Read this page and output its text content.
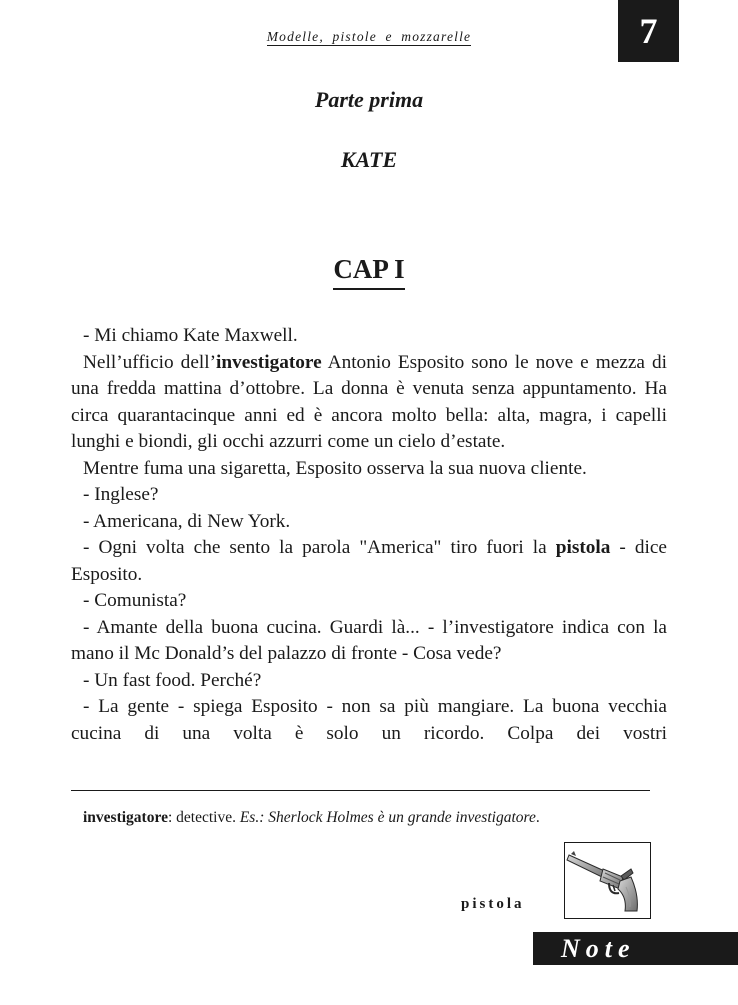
Modelle, pistole e mozzarelle	7
Parte prima
KATE
CAP I

- Mi chiamo Kate Maxwell.

Nell’ufficio dell’investigatore Antonio Esposito sono le nove e mezza di una fredda mattina d’ottobre. La donna è venuta senza appuntamento. Ha circa quarantacinque anni ed è ancora molto bella: alta, magra, i capelli lunghi e biondi, gli occhi azzurri come un cielo d’estate.

Mentre fuma una sigaretta, Esposito osserva la sua nuova cliente.

- Inglese?

- Americana, di New York.

- Ogni volta che sento la parola "America" tiro fuori la pistola - dice Esposito.

- Comunista?

- Amante della buona cucina. Guardi là... - l’investigatore indica con la mano il Mc Donald’s del palazzo di fronte - Cosa vede?

- Un fast food. Perché?

- La gente - spiega Esposito - non sa più mangiare. La buona vecchia cucina di una volta è solo un ricordo. Colpa dei vostri

investigatore: detective. Es.: Sherlock Holmes è un grande investigatore.
pistola
Note
